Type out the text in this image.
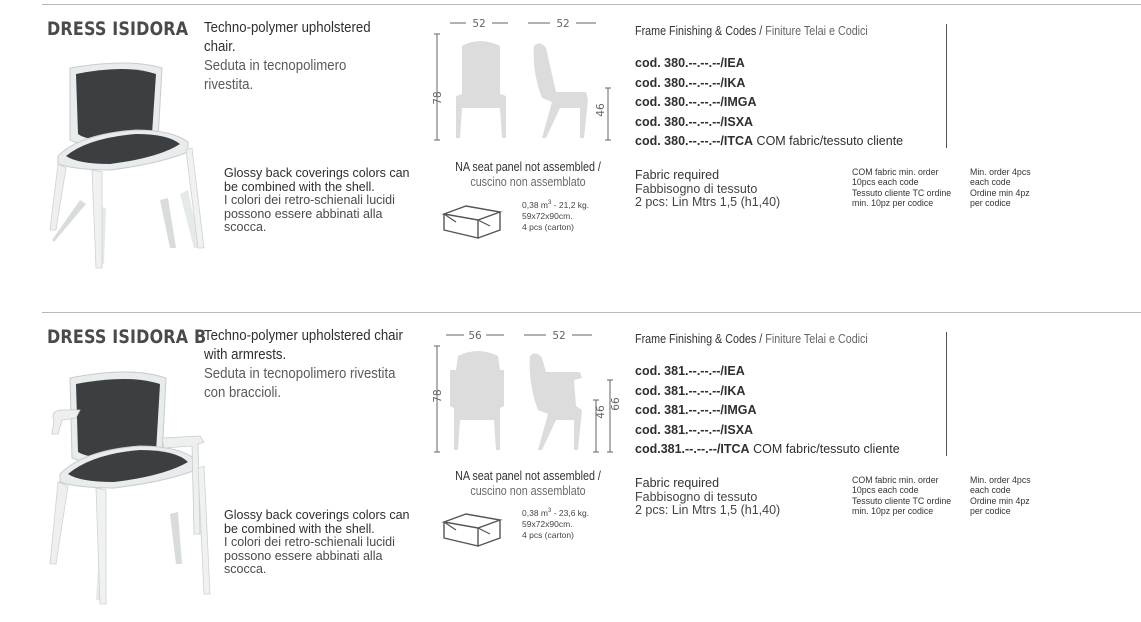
DRESS ISIDORA Techno-polymer upholstered chair.
Seduta in tecnopolimero rivestita.
Glossy back coverings colors can be combined with the shell.
I colori dei retro-schienali lucidi possono essere abbinati alla scocca.
52	52
78
46
NA seat panel not assembled /
cuscino non assemblato
0,38 $m^3 - 21,2$ kg.
59x72x90cm.
4 pcs (carton)
Frame Finishing & Codes / Finiture Telai e Codici
cod. 380.--.--.--/IEA
cod. 380.--.--.--/IKA
cod. 380.--.--.--/IMGA
cod. 380.--.--.--/ISXA
cod. 380.--.--.--/ITCA COM fabric/tessuto cliente
Fabric required
Fabbisogno di tessuto
2 pcs: Lin Mtrs 1,5 (h1,40)
COM fabric min. order
10pcs each code
Tessuto cliente TC ordine
min. 10pz per codice
Min. order 4pcs
each code
Ordine min 4pz
per codice
DRESS ISIDORA B
Techno-polymer upholstered chair with armrests.
Seduta in tecnopolimero rivestita con braccioli.
Glossy back coverings colors can be combined with the shell.
I colori dei retro-schienali lucidi possono essere abbinati alla scocca.
56	52
78
46
66
NA seat panel not assembled /
cuscino non assemblato
0,38 $m^3 - 23,6$ kg.
59x72x90cm.
4 pcs (carton)
Frame Finishing & Codes / Finiture Telai e Codici
cod. 381.--.--.--/IEA
cod. 381.--.--.--/IKA
cod. 381.--.--.--/IMGA
cod. 381.--.--.--/ISXA
cod.381.--.--.--/ITCA COM fabric/tessuto cliente
Fabric required
Fabbisogno di tessuto
2 pcs: Lin Mtrs 1,5 (h1,40)
COM fabric min. order
10pcs each code
Tessuto cliente TC ordine
min. 10pz per codice
Min. order 4pcs
each code
Ordine min 4pz
per codice
